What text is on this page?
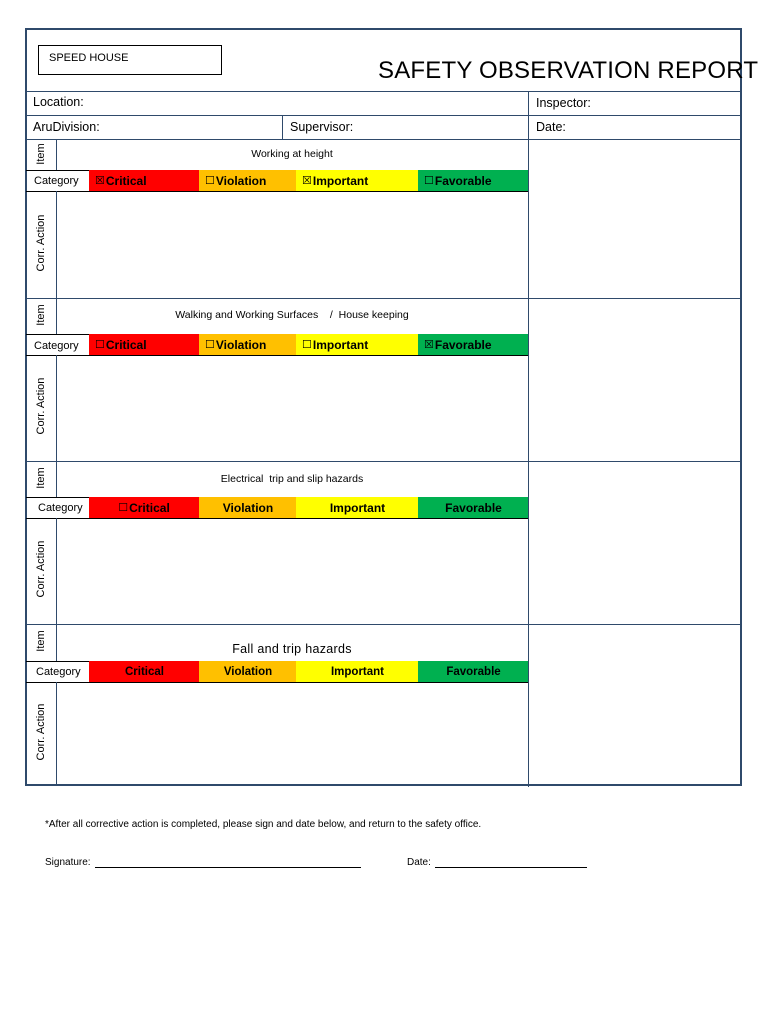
SPEED HOUSE	SAFETY OBSERVATION REPORT
Location:	Inspector:
AruDivision:	Supervisor:	Date:
Item	Working at height
Category ☒ Critical	☐ Violation	☒ Important	☐ Favorable
Corr. Action
Item	Walking and Working Surfaces    /  House keeping
Category ☐ Critical	☐ Violation	☐ Important	☒ Favorable
Corr. Action
Item	Electrical  trip and slip hazards
Category	☐ Critical	Violation	Important	Favorable
Corr. Action
Item	Fall and trip hazards
Category	Critical	Violation	Important	Favorable
Corr. Action
*After all corrective action is completed, please sign and date below, and return to the safety office.
Signature:	Date:
